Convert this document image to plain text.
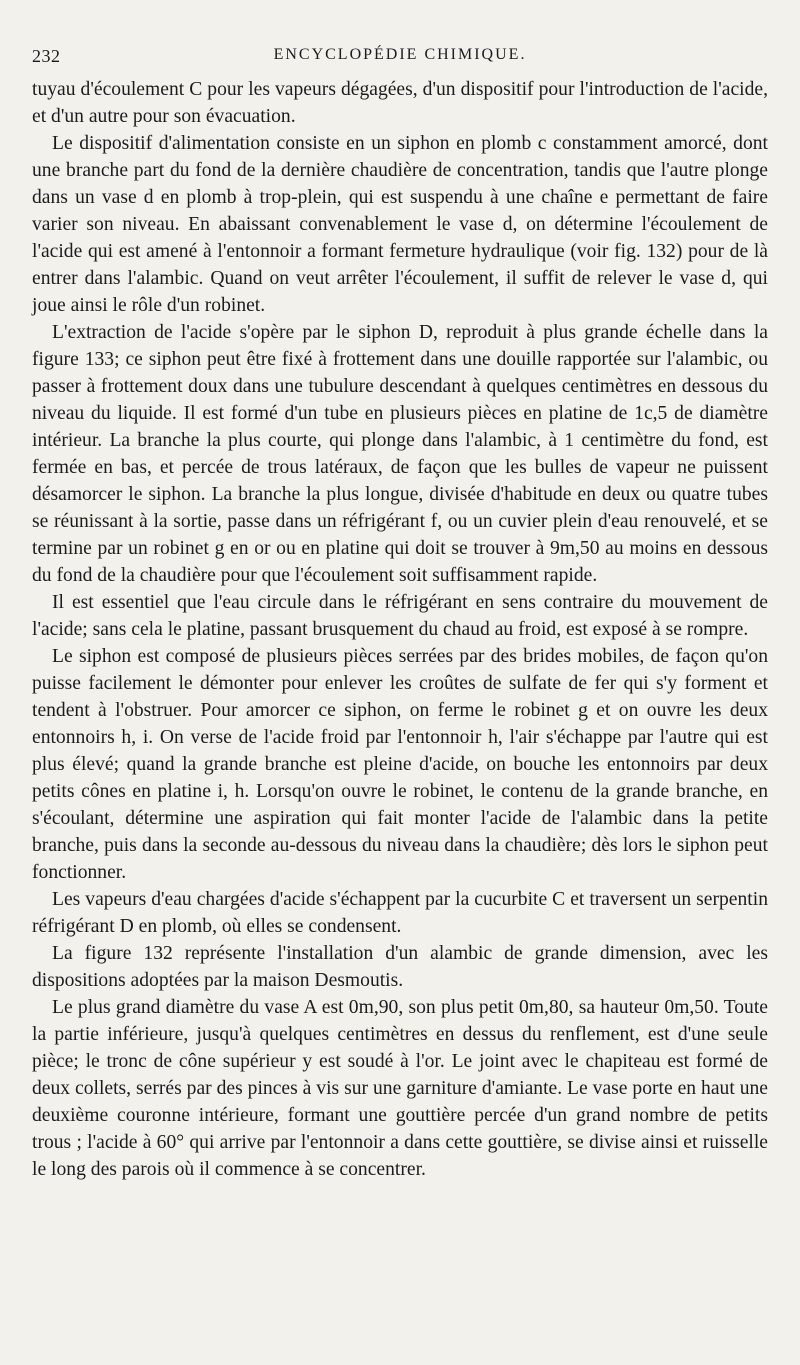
232	ENCYCLOPÉDIE CHIMIQUE.

tuyau d'écoulement C pour les vapeurs dégagées, d'un dispositif pour l'introduction de l'acide, et d'un autre pour son évacuation.

Le dispositif d'alimentation consiste en un siphon en plomb c constamment amorcé, dont une branche part du fond de la dernière chaudière de concentration, tandis que l'autre plonge dans un vase d en plomb à trop-plein, qui est suspendu à une chaîne e permettant de faire varier son niveau. En abaissant convenablement le vase d, on détermine l'écoulement de l'acide qui est amené à l'entonnoir a formant fermeture hydraulique (voir fig. 132) pour de là entrer dans l'alambic. Quand on veut arrêter l'écoulement, il suffit de relever le vase d, qui joue ainsi le rôle d'un robinet.

L'extraction de l'acide s'opère par le siphon D, reproduit à plus grande échelle dans la figure 133; ce siphon peut être fixé à frottement dans une douille rapportée sur l'alambic, ou passer à frottement doux dans une tubulure descendant à quelques centimètres en dessous du niveau du liquide. Il est formé d'un tube en plusieurs pièces en platine de 1c,5 de diamètre intérieur. La branche la plus courte, qui plonge dans l'alambic, à 1 centimètre du fond, est fermée en bas, et percée de trous latéraux, de façon que les bulles de vapeur ne puissent désamorcer le siphon. La branche la plus longue, divisée d'habitude en deux ou quatre tubes se réunissant à la sortie, passe dans un réfrigérant f, ou un cuvier plein d'eau renouvelé, et se termine par un robinet g en or ou en platine qui doit se trouver à 9m,50 au moins en dessous du fond de la chaudière pour que l'écoulement soit suffisamment rapide.

Il est essentiel que l'eau circule dans le réfrigérant en sens contraire du mouvement de l'acide; sans cela le platine, passant brusquement du chaud au froid, est exposé à se rompre.

Le siphon est composé de plusieurs pièces serrées par des brides mobiles, de façon qu'on puisse facilement le démonter pour enlever les croûtes de sulfate de fer qui s'y forment et tendent à l'obstruer. Pour amorcer ce siphon, on ferme le robinet g et on ouvre les deux entonnoirs h, i. On verse de l'acide froid par l'entonnoir h, l'air s'échappe par l'autre qui est plus élevé; quand la grande branche est pleine d'acide, on bouche les entonnoirs par deux petits cônes en platine i, h. Lorsqu'on ouvre le robinet, le contenu de la grande branche, en s'écoulant, détermine une aspiration qui fait monter l'acide de l'alambic dans la petite branche, puis dans la seconde au-dessous du niveau dans la chaudière; dès lors le siphon peut fonctionner.

Les vapeurs d'eau chargées d'acide s'échappent par la cucurbite C et traversent un serpentin réfrigérant D en plomb, où elles se condensent.

La figure 132 représente l'installation d'un alambic de grande dimension, avec les dispositions adoptées par la maison Desmoutis.

Le plus grand diamètre du vase A est 0m,90, son plus petit 0m,80, sa hauteur 0m,50. Toute la partie inférieure, jusqu'à quelques centimètres en dessus du renflement, est d'une seule pièce; le tronc de cône supérieur y est soudé à l'or. Le joint avec le chapiteau est formé de deux collets, serrés par des pinces à vis sur une garniture d'amiante. Le vase porte en haut une deuxième couronne intérieure, formant une gouttière percée d'un grand nombre de petits trous ; l'acide à 60° qui arrive par l'entonnoir a dans cette gouttière, se divise ainsi et ruisselle le long des parois où il commence à se concentrer.
